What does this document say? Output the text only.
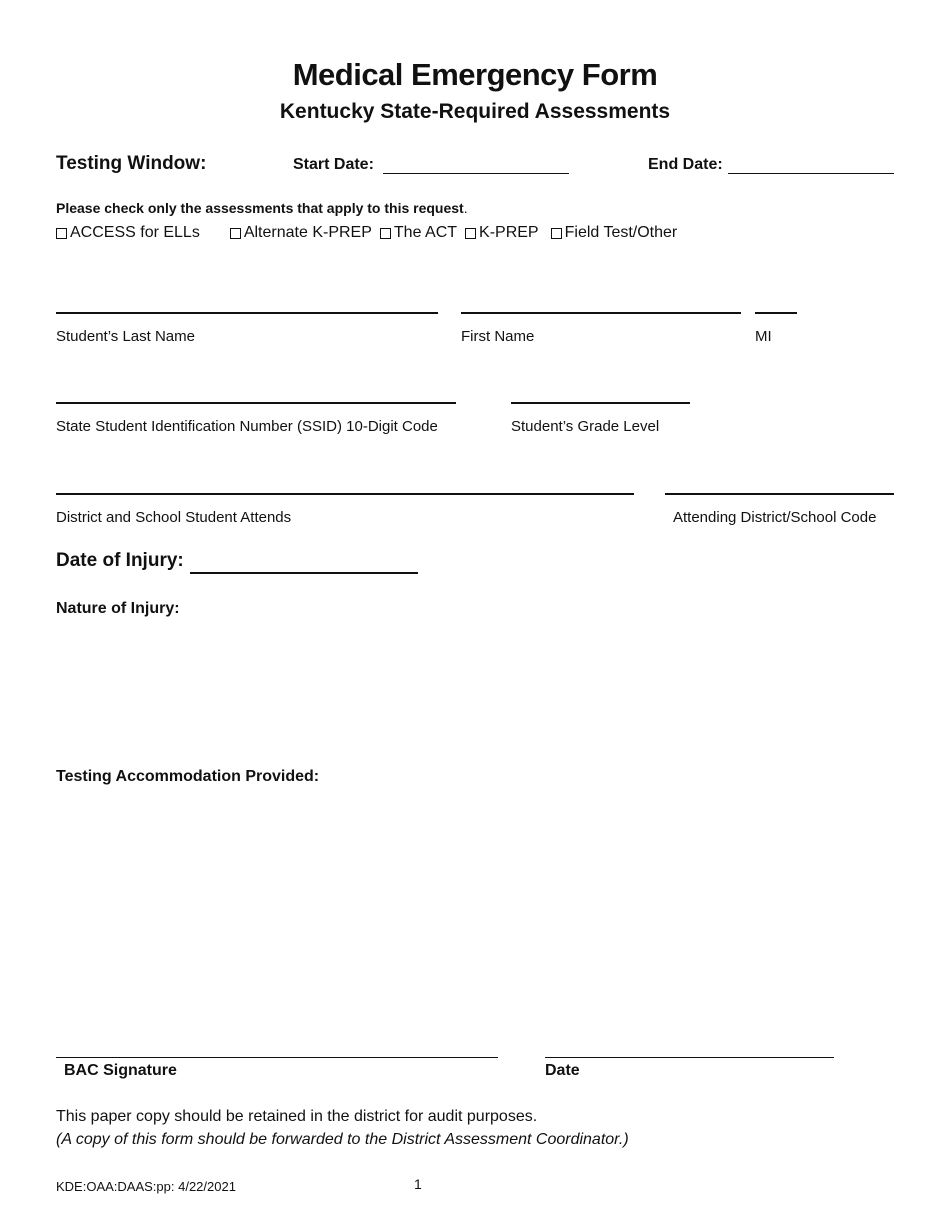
Medical Emergency Form
Kentucky State-Required Assessments
Testing Window:	Start Date:	End Date:
Please check only the assessments that apply to this request.
ACCESS for ELLs	Alternate K-PREP The ACT K-PREP Field Test/Other
Student’s Last Name	First Name	MI
State Student Identification Number (SSID) 10-Digit Code	Student’s Grade Level
District and School Student Attends	Attending District/School Code
Date of Injury:
Nature of Injury:
Testing Accommodation Provided:
BAC Signature	Date
This paper copy should be retained in the district for audit purposes.
(A copy of this form should be forwarded to the District Assessment Coordinator.)
KDE:OAA:DAAS:pp: 4/22/2021	1
